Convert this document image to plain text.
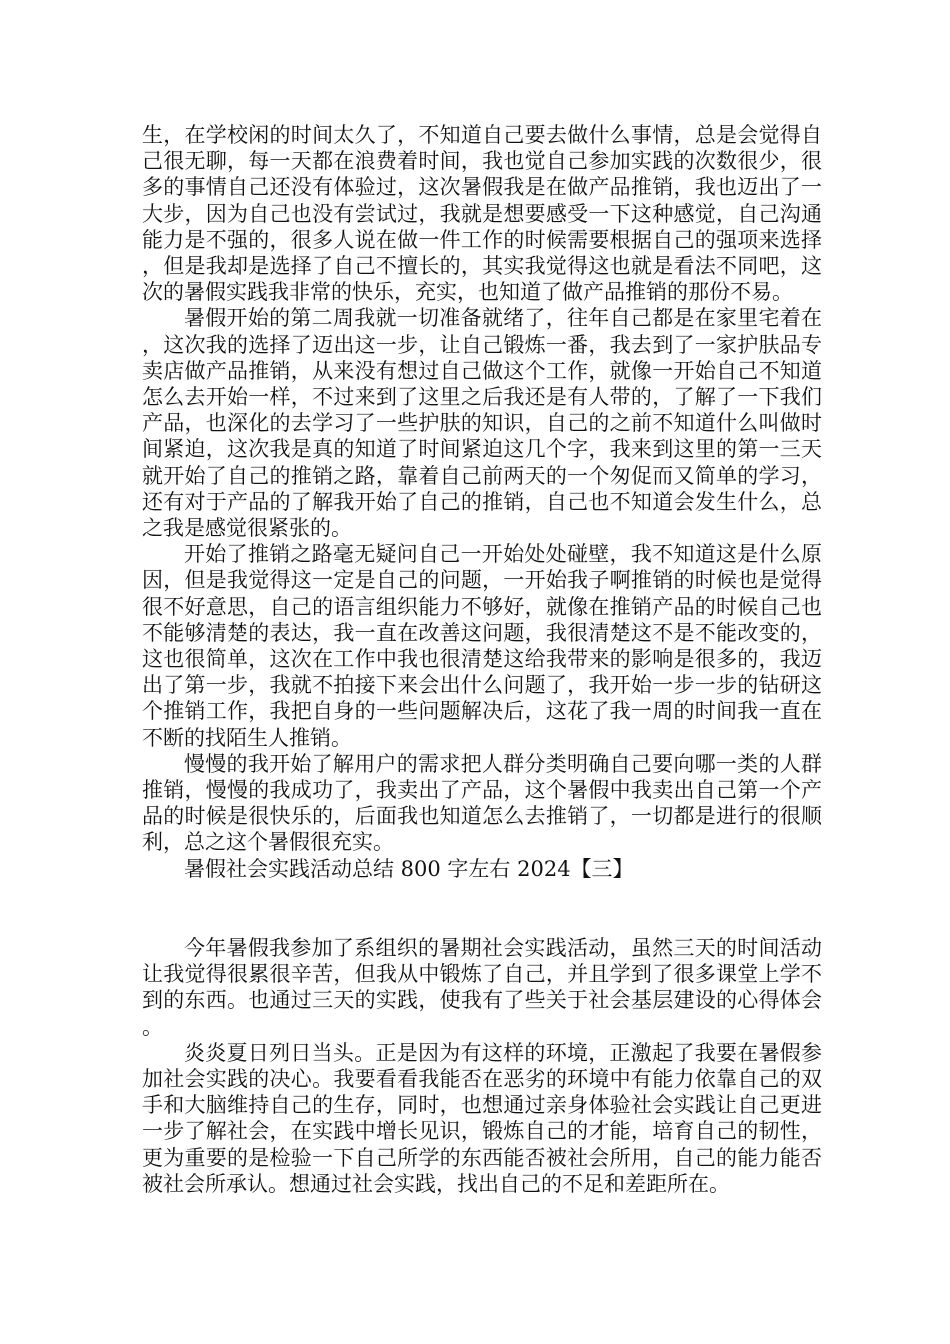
生，在学校闲的时间太久了，不知道自己要去做什么事情，总是会觉得自己很无聊，每一天都在浪费着时间，我也觉自己参加实践的次数很少，很多的事情自己还没有体验过，这次暑假我是在做产品推销，我也迈出了一大步，因为自己也没有尝试过，我就是想要感受一下这种感觉，自己沟通能力是不强的，很多人说在做一件工作的时候需要根据自己的强项来选择，但是我却是选择了自己不擅长的，其实我觉得这也就是看法不同吧，这次的暑假实践我非常的快乐，充实，也知道了做产品推销的那份不易。

暑假开始的第二周我就一切准备就绪了，往年自己都是在家里宅着在，这次我的选择了迈出这一步，让自己锻炼一番，我去到了一家护肤品专卖店做产品推销，从来没有想过自己做这个工作，就像一开始自己不知道怎么去开始一样，不过来到了这里之后我还是有人带的，了解了一下我们产品，也深化的去学习了一些护肤的知识，自己的之前不知道什么叫做时间紧迫，这次我是真的知道了时间紧迫这几个字，我来到这里的第一三天就开始了自己的推销之路，靠着自己前两天的一个匆促而又简单的学习，还有对于产品的了解我开始了自己的推销，自己也不知道会发生什么，总之我是感觉很紧张的。

开始了推销之路毫无疑问自己一开始处处碰壁，我不知道这是什么原因，但是我觉得这一定是自己的问题，一开始我子啊推销的时候也是觉得很不好意思，自己的语言组织能力不够好，就像在推销产品的时候自己也不能够清楚的表达，我一直在改善这问题，我很清楚这不是不能改变的，这也很简单，这次在工作中我也很清楚这给我带来的影响是很多的，我迈出了第一步，我就不拍接下来会出什么问题了，我开始一步一步的钻研这个推销工作，我把自身的一些问题解决后，这花了我一周的时间我一直在不断的找陌生人推销。

慢慢的我开始了解用户的需求把人群分类明确自己要向哪一类的人群推销，慢慢的我成功了，我卖出了产品，这个暑假中我卖出自己第一个产品的时候是很快乐的，后面我也知道怎么去推销了，一切都是进行的很顺利，总之这个暑假很充实。

暑假社会实践活动总结 800 字左右 2024【三】

今年暑假我参加了系组织的暑期社会实践活动，虽然三天的时间活动让我觉得很累很辛苦，但我从中锻炼了自己，并且学到了很多课堂上学不到的东西。也通过三天的实践，使我有了些关于社会基层建设的心得体会。

炎炎夏日列日当头。正是因为有这样的环境，正激起了我要在暑假参加社会实践的决心。我要看看我能否在恶劣的环境中有能力依靠自己的双手和大脑维持自己的生存，同时，也想通过亲身体验社会实践让自己更进一步了解社会，在实践中增长见识，锻炼自己的才能，培育自己的韧性，更为重要的是检验一下自己所学的东西能否被社会所用，自己的能力能否被社会所承认。想通过社会实践，找出自己的不足和差距所在。
